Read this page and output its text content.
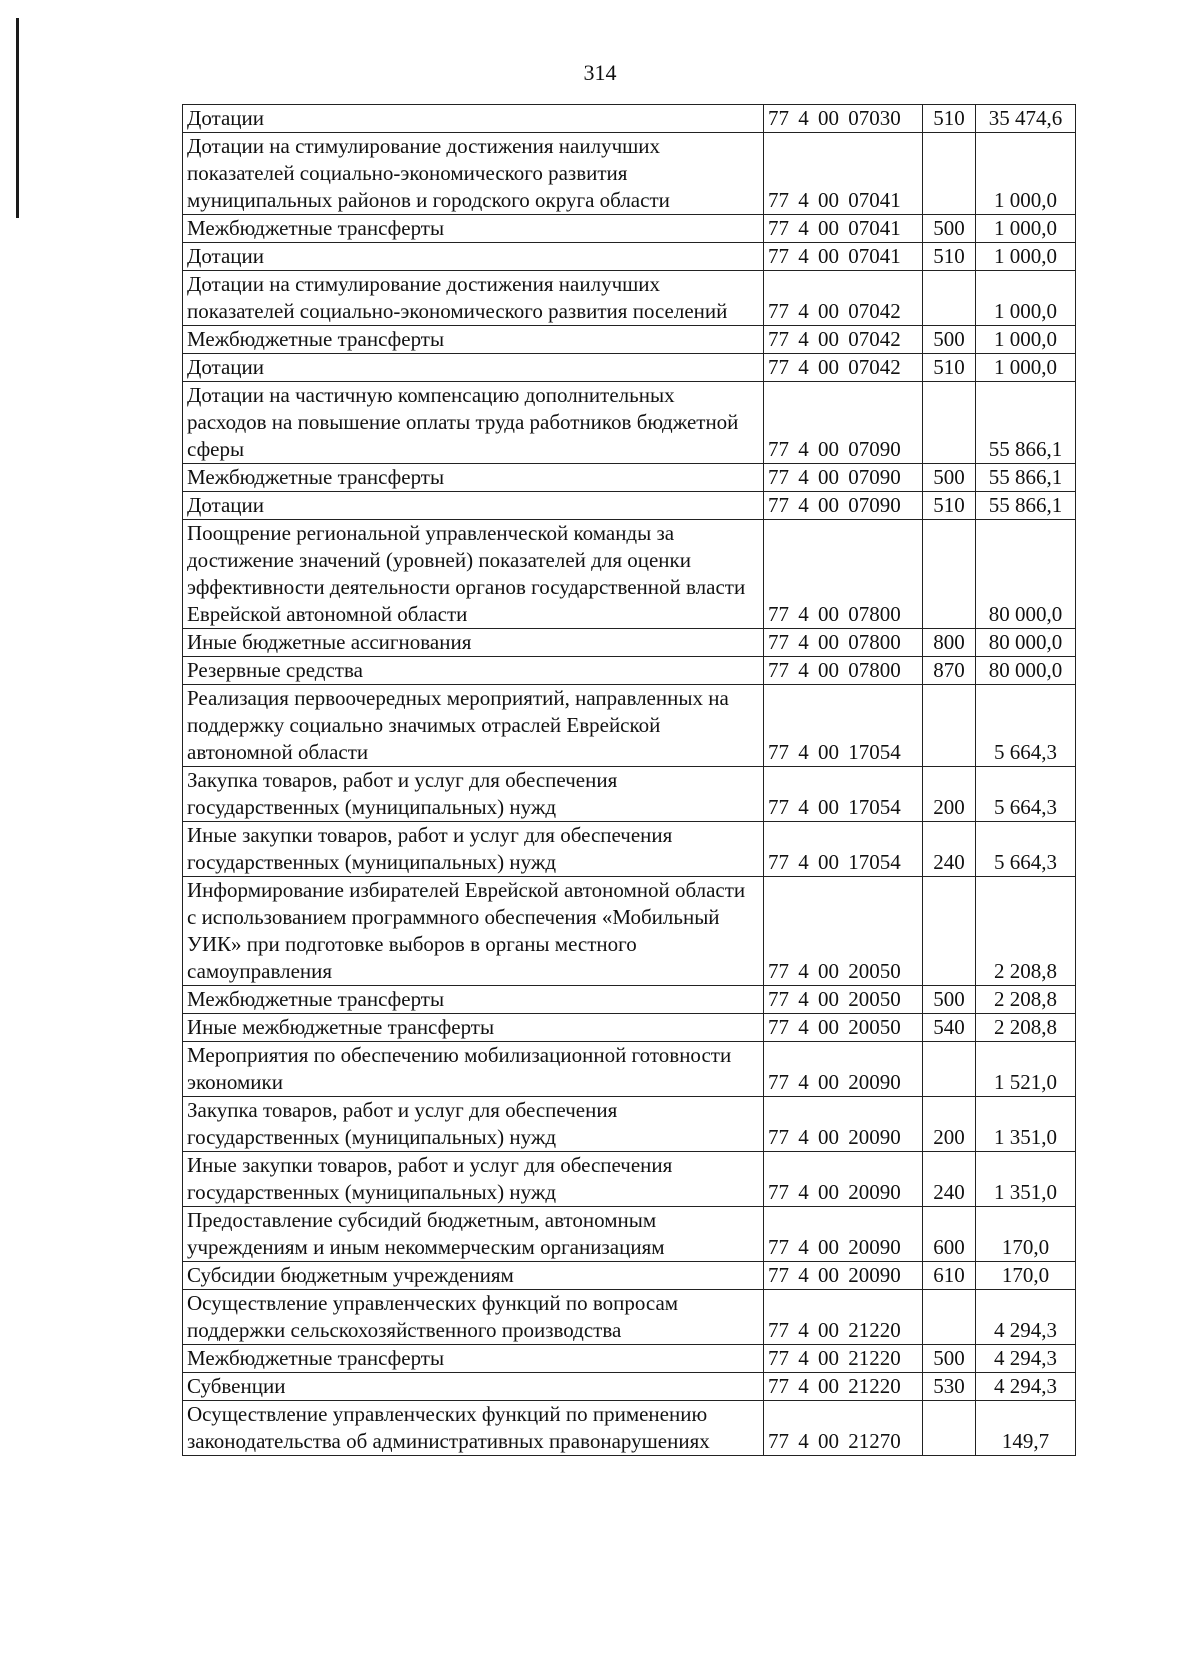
314
Дотации	77 4 00 07030	510	35 474,6
Дотации на стимулирование достижения наилучших показателей социально-экономического развития муниципальных районов и городского округа области	77 4 00 07041		1 000,0
Межбюджетные трансферты	77 4 00 07041	500	1 000,0
Дотации	77 4 00 07041	510	1 000,0
Дотации на стимулирование достижения наилучших показателей социально-экономического развития поселений	77 4 00 07042		1 000,0
Межбюджетные трансферты	77 4 00 07042	500	1 000,0
Дотации	77 4 00 07042	510	1 000,0
Дотации на частичную компенсацию дополнительных расходов на повышение оплаты труда работников бюджетной сферы	77 4 00 07090		55 866,1
Межбюджетные трансферты	77 4 00 07090	500	55 866,1
Дотации	77 4 00 07090	510	55 866,1
Поощрение региональной управленческой команды за достижение значений (уровней) показателей для оценки эффективности деятельности органов государственной власти Еврейской автономной области	77 4 00 07800		80 000,0
Иные бюджетные ассигнования	77 4 00 07800	800	80 000,0
Резервные средства	77 4 00 07800	870	80 000,0
Реализация первоочередных мероприятий, направленных на поддержку социально значимых отраслей Еврейской автономной области	77 4 00 17054		5 664,3
Закупка товаров, работ и услуг для обеспечения государственных (муниципальных) нужд	77 4 00 17054	200	5 664,3
Иные закупки товаров, работ и услуг для обеспечения государственных (муниципальных) нужд	77 4 00 17054	240	5 664,3
Информирование избирателей Еврейской автономной области с использованием программного обеспечения «Мобильный УИК» при подготовке выборов в органы местного самоуправления	77 4 00 20050		2 208,8
Межбюджетные трансферты	77 4 00 20050	500	2 208,8
Иные межбюджетные трансферты	77 4 00 20050	540	2 208,8
Мероприятия по обеспечению мобилизационной готовности экономики	77 4 00 20090		1 521,0
Закупка товаров, работ и услуг для обеспечения государственных (муниципальных) нужд	77 4 00 20090	200	1 351,0
Иные закупки товаров, работ и услуг для обеспечения государственных (муниципальных) нужд	77 4 00 20090	240	1 351,0
Предоставление субсидий бюджетным, автономным учреждениям и иным некоммерческим организациям	77 4 00 20090	600	170,0
Субсидии бюджетным учреждениям	77 4 00 20090	610	170,0
Осуществление управленческих функций по вопросам поддержки сельскохозяйственного производства	77 4 00 21220		4 294,3
Межбюджетные трансферты	77 4 00 21220	500	4 294,3
Субвенции	77 4 00 21220	530	4 294,3
Осуществление управленческих функций по применению законодательства об административных правонарушениях	77 4 00 21270		149,7
